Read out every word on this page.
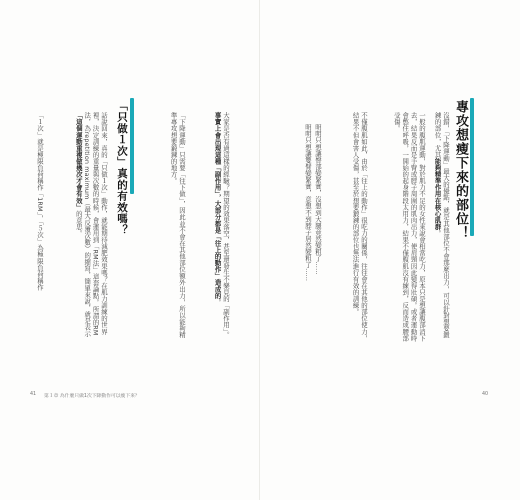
大家是否有過這樣的經驗？期望的效果落空，甚至還發生不樂見的「副作用」。事實上會出現這種「副作用」，大部分都是「往上的動作」造成的。
「下降運動」只需要「往下做」，因此並不會在其他部位額外出力，所以能夠精準專攻想要鍛鍊的地方。
「只做１次」真的有效嗎？
話說回來，真的「只做１次」動作，就能期待減肥效果嗎？在肌力訓練的世界裡，決定訓練的重量與次數的時候，會運用到「RM法」這套論點。所謂的RM法，為repetition maximum（最大反覆次數）的縮寫，簡單來說，就是表示「這個運動重複做幾次才會有效」的意思。
「１次」就是極限負荷稱作「1RM」，「５次」為極限負荷稱作
41 第１章 為什麼只做1次下降動作可以瘦下來？
專攻想瘦下來的部位！
沒錯，「下降運動」最大的優點，就是其他部位不會那麼出力，可以針對想要鍛鍊的部位，尤其能夠精準作用在核心肌群。
一般的腹肌運動，對於肌力不足的女性來說會相當吃力，原本只是想讓腹部消下去，結果反而是手臂或脖子周圍的肌肉出力，使肩頸因此變得壯碩。或者運動時會憋住呼吸，一開始的起身階段太用力，結果不僅腹肌沒有練到，反而造成腰部受傷。
不僅腹肌如此，由於「往上的動作」很吃力的關係，往往會在其他的部位使力，結果不但會害人受傷，甚至於想要鍛鍊的部位也無法進行有效的訓練。
明明只想讓臀部變緊實，沒想到大腿竟然變粗了……
明明只想讓雙臂變緊實，意想不到脖子居然變粗了……
40
